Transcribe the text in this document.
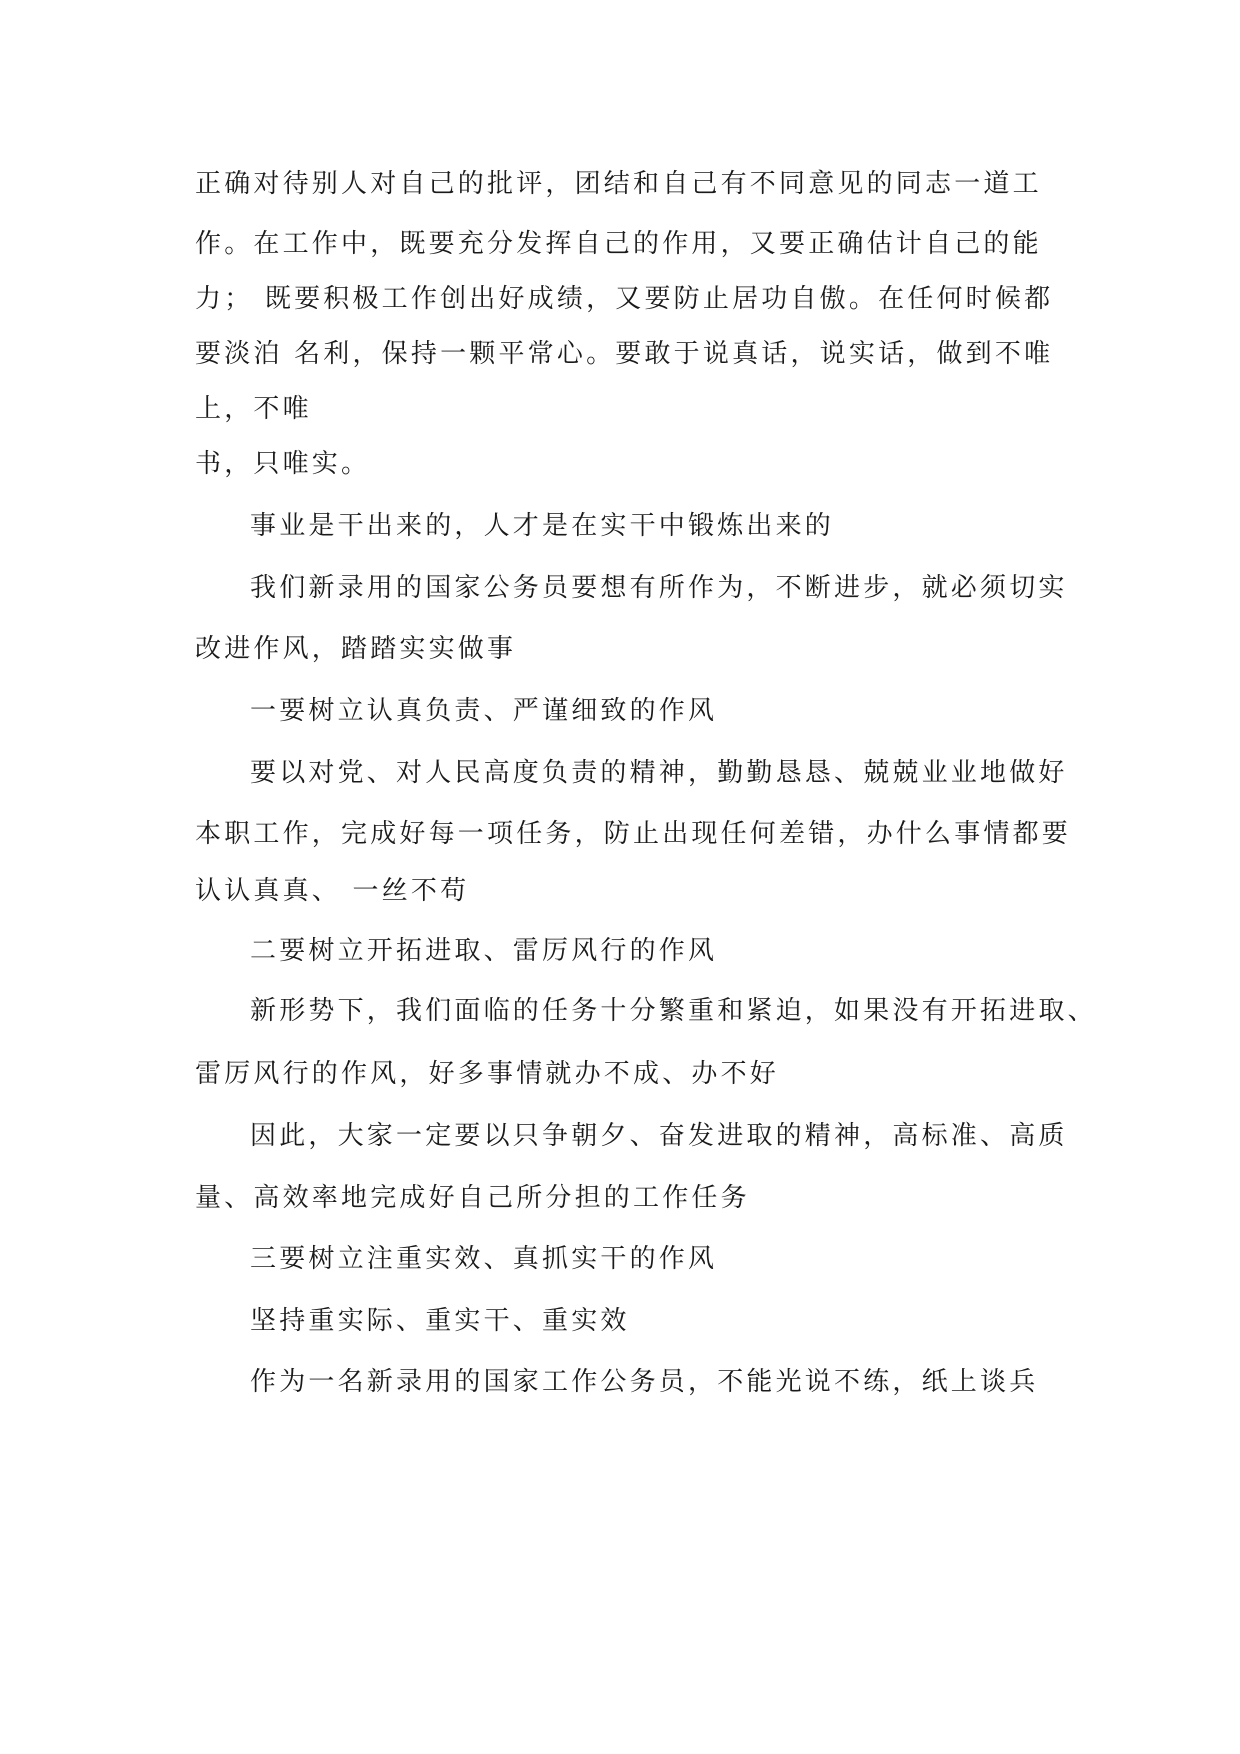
正确对待别人对自己的批评，团结和自己有不同意见的同志一道工
作。在工作中，既要充分发挥自己的作用，又要正确估计自己的能
力； 既要积极工作创出好成绩，又要防止居功自傲。在任何时候都
要淡泊 名利，保持一颗平常心。要敢于说真话，说实话，做到不唯
上，不唯
书，只唯实。
事业是干出来的，人才是在实干中锻炼出来的
我们新录用的国家公务员要想有所作为，不断进步，就必须切实
改进作风，踏踏实实做事
一要树立认真负责、严谨细致的作风
要以对党、对人民高度负责的精神，勤勤恳恳、兢兢业业地做好
本职工作，完成好每一项任务，防止出现任何差错，办什么事情都要
认认真真、 一丝不苟
二要树立开拓进取、雷厉风行的作风
新形势下，我们面临的任务十分繁重和紧迫，如果没有开拓进取、
雷厉风行的作风，好多事情就办不成、办不好
因此，大家一定要以只争朝夕、奋发进取的精神，高标准、高质
量、高效率地完成好自己所分担的工作任务
三要树立注重实效、真抓实干的作风
坚持重实际、重实干、重实效
作为一名新录用的国家工作公务员，不能光说不练，纸上谈兵
